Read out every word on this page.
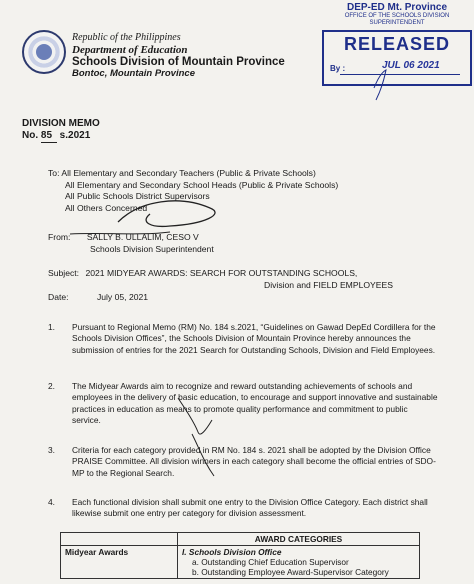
Republic of the Philippines
Department of Education
Schools Division of Mountain Province
Bontoc, Mountain Province
DEP-ED Mt. Province
OFFICE OF THE SCHOOLS DIVISION
SUPERINTENDENT
RELEASED
By :	JUL 06 2021
DIVISION MEMO
No. 85 s.2021
To: All Elementary and Secondary Teachers (Public & Private Schools)
All Elementary and Secondary School Heads (Public & Private Schools)
All Public Schools District Supervisors
All Others Concerned
From: SALLY B. ULLALIM, CESO V
Schools Division Superintendent
Subject: 2021 MIDYEAR AWARDS: SEARCH FOR OUTSTANDING SCHOOLS,
Division and FIELD EMPLOYEES
Date:	July 05, 2021
1.	Pursuant to Regional Memo (RM) No. 184 s.2021, “Guidelines on Gawad DepEd Cordillera for the Schools Division Offices”, the Schools Division of Mountain Province hereby announces the submission of entries for the 2021 Search for Outstanding Schools, Division and Field Employees.
2.	The Midyear Awards aim to recognize and reward outstanding achievements of schools and employees in the delivery of basic education, to encourage and support innovative and sustainable practices in education as means to promote quality performance and commitment to public service.
3.	Criteria for each category provided in RM No. 184 s. 2021 shall be adopted by the Division Office PRAISE Committee. All division winners in each category shall become the official entries of SDO-MP to the Regional Search.
4.	Each functional division shall submit one entry to the Division Office Category. Each district shall likewise submit one entry per category for division assessment.
	AWARD CATEGORIES
Midyear Awards	I. Schools Division Office
a. Outstanding Chief Education Supervisor
b. Outstanding Employee Award-Supervisor Category
